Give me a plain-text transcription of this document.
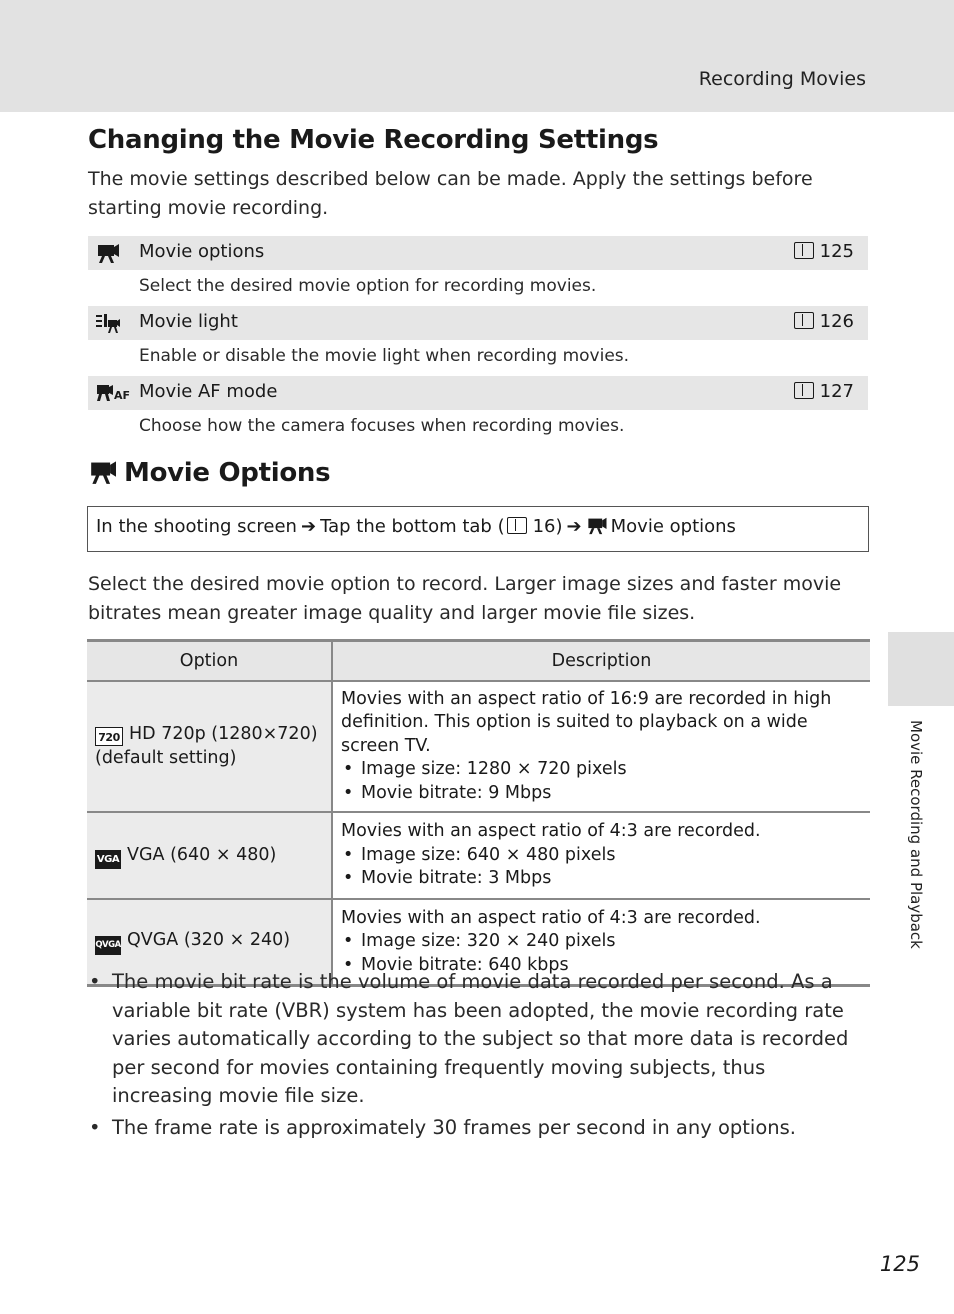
Recording Movies
Changing the Movie Recording Settings

The movie settings described below can be made. Apply the settings before starting movie recording.

Movie options	125
Select the desired movie option for recording movies.
Movie light	126
Enable or disable the movie light when recording movies.
AF Movie AF mode	127
Choose how the camera focuses when recording movies.
Movie Options
In the shooting screen ➔ Tap the bottom tab ( 16) ➔ Movie options

Select the desired movie option to record. Larger image sizes and faster movie bitrates mean greater image quality and larger movie file sizes.

Option	Description
720 HD 720p (1280×720) (default setting)	Movies with an aspect ratio of 16:9 are recorded in high definition. This option is suited to playback on a wide screen TV.
• Image size: 1280 × 720 pixels
• Movie bitrate: 9 Mbps

VGA VGA (640 × 480)	Movies with an aspect ratio of 4:3 are recorded.
• Image size: 640 × 480 pixels
• Movie bitrate: 3 Mbps

QVGA QVGA (320 × 240)	Movies with an aspect ratio of 4:3 are recorded.
• Image size: 320 × 240 pixels
• Movie bitrate: 640 kbps
• The movie bit rate is the volume of movie data recorded per second. As a variable bit rate (VBR) system has been adopted, the movie recording rate varies automatically according to the subject so that more data is recorded per second for movies containing frequently moving subjects, thus increasing movie file size.
• The frame rate is approximately 30 frames per second in any options.
Movie Recording and Playback
125
